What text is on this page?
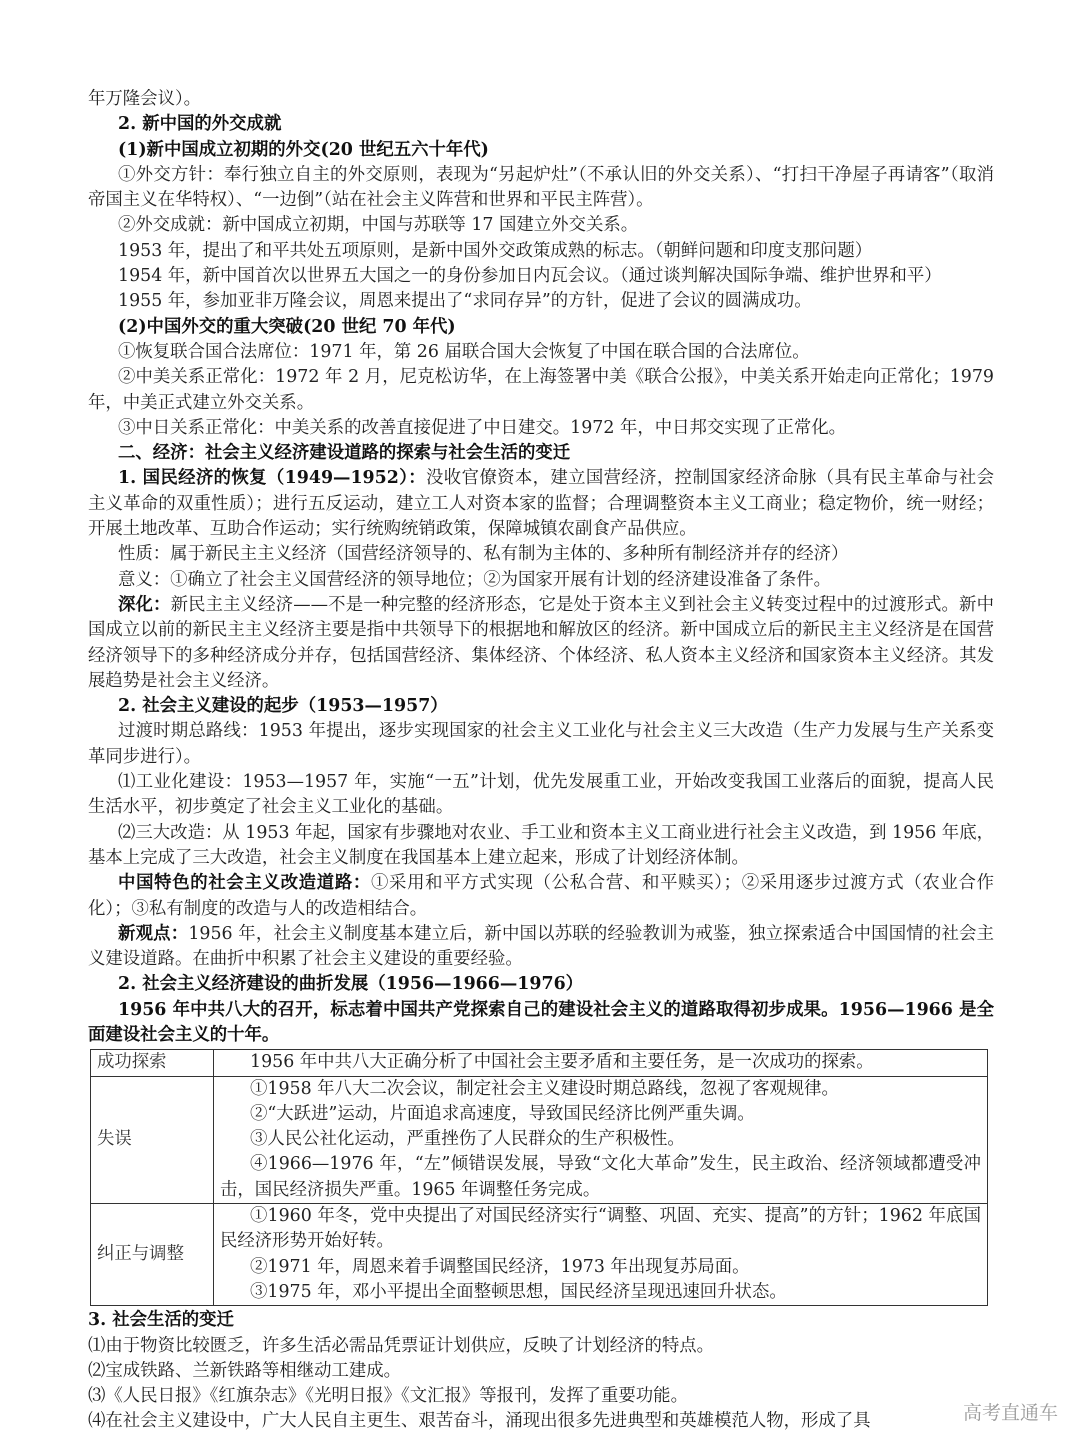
年万隆会议）。

2. 新中国的外交成就

(1)新中国成立初期的外交(20 世纪五六十年代)

①外交方针：奉行独立自主的外交原则，表现为“另起炉灶”（不承认旧的外交关系）、“打扫干净屋子再请客”（取消帝国主义在华特权）、“一边倒”（站在社会主义阵营和世界和平民主阵营）。

②外交成就：新中国成立初期，中国与苏联等 17 国建立外交关系。

1953 年，提出了和平共处五项原则，是新中国外交政策成熟的标志。（朝鲜问题和印度支那问题）

1954 年，新中国首次以世界五大国之一的身份参加日内瓦会议。（通过谈判解决国际争端、维护世界和平）

1955 年，参加亚非万隆会议，周恩来提出了“求同存异”的方针，促进了会议的圆满成功。

(2)中国外交的重大突破(20 世纪 70 年代)

①恢复联合国合法席位：1971 年，第 26 届联合国大会恢复了中国在联合国的合法席位。

②中美关系正常化：1972 年 2 月，尼克松访华，在上海签署中美《联合公报》，中美关系开始走向正常化；1979 年，中美正式建立外交关系。

③中日关系正常化：中美关系的改善直接促进了中日建交。1972 年，中日邦交实现了正常化。

二、经济：社会主义经济建设道路的探索与社会生活的变迁

1. 国民经济的恢复（1949—1952）：没收官僚资本，建立国营经济，控制国家经济命脉（具有民主革命与社会主义革命的双重性质）；进行五反运动，建立工人对资本家的监督；合理调整资本主义工商业；稳定物价，统一财经；开展土地改革、互助合作运动；实行统购统销政策，保障城镇农副食产品供应。

性质：属于新民主主义经济（国营经济领导的、私有制为主体的、多种所有制经济并存的经济）

意义：①确立了社会主义国营经济的领导地位；②为国家开展有计划的经济建设准备了条件。

深化：新民主主义经济——不是一种完整的经济形态，它是处于资本主义到社会主义转变过程中的过渡形式。新中国成立以前的新民主主义经济主要是指中共领导下的根据地和解放区的经济。新中国成立后的新民主主义经济是在国营经济领导下的多种经济成分并存，包括国营经济、集体经济、个体经济、私人资本主义经济和国家资本主义经济。其发展趋势是社会主义经济。

2. 社会主义建设的起步（1953—1957）

过渡时期总路线：1953 年提出，逐步实现国家的社会主义工业化与社会主义三大改造（生产力发展与生产关系变革同步进行）。

⑴工业化建设：1953—1957 年，实施“一五”计划，优先发展重工业，开始改变我国工业落后的面貌，提高人民生活水平，初步奠定了社会主义工业化的基础。

⑵三大改造：从 1953 年起，国家有步骤地对农业、手工业和资本主义工商业进行社会主义改造，到 1956 年底，基本上完成了三大改造，社会主义制度在我国基本上建立起来，形成了计划经济体制。

中国特色的社会主义改造道路：①采用和平方式实现（公私合营、和平赎买）；②采用逐步过渡方式（农业合作化）；③私有制度的改造与人的改造相结合。

新观点：1956 年，社会主义制度基本建立后，新中国以苏联的经验教训为戒鉴，独立探索适合中国国情的社会主义建设道路。在曲折中积累了社会主义建设的重要经验。

2. 社会主义经济建设的曲折发展（1956—1966—1976）

1956 年中共八大的召开，标志着中国共产党探索自己的建设社会主义的道路取得初步成果。1956—1966 是全面建设社会主义的十年。

成功探索	1956 年中共八大正确分析了中国社会主要矛盾和主要任务，是一次成功的探索。

失误	①1958 年八大二次会议，制定社会主义建设时期总路线，忽视了客观规律。

②“大跃进”运动，片面追求高速度，导致国民经济比例严重失调。

③人民公社化运动，严重挫伤了人民群众的生产积极性。

④1966—1976 年，“左”倾错误发展，导致“文化大革命”发生，民主政治、经济领域都遭受冲击，国民经济损失严重。1965 年调整任务完成。

纠正与调整	①1960 年冬，党中央提出了对国民经济实行“调整、巩固、充实、提高”的方针；1962 年底国民经济形势开始好转。

②1971 年，周恩来着手调整国民经济，1973 年出现复苏局面。

③1975 年，邓小平提出全面整顿思想，国民经济呈现迅速回升状态。

3. 社会生活的变迁

⑴由于物资比较匮乏，许多生活必需品凭票证计划供应，反映了计划经济的特点。

⑵宝成铁路、兰新铁路等相继动工建成。

⑶《人民日报》《红旗杂志》《光明日报》《文汇报》等报刊，发挥了重要功能。

⑷在社会主义建设中，广大人民自主更生、艰苦奋斗，涌现出很多先进典型和英雄模范人物，形成了具	高考直通车
